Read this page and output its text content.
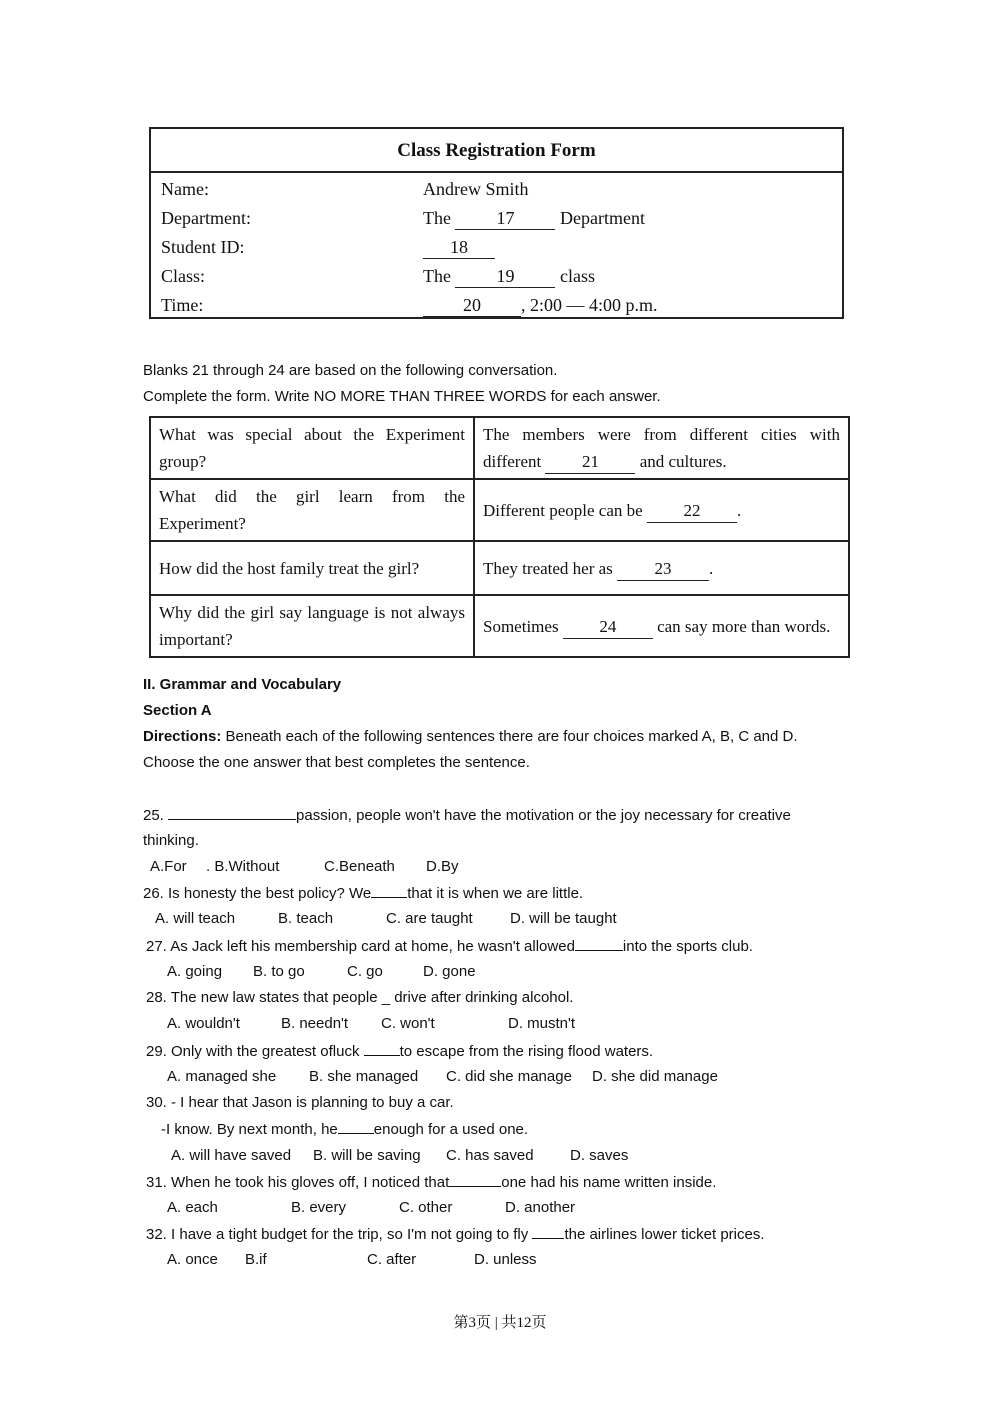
Class Registration Form
Name:	Andrew Smith
Department:	The	17	Department
Student ID:	18
Class:	The	19	class
Time:	20 , 2:00 — 4:00 p.m.
Blanks 21 through 24 are based on the following conversation.
Complete the form. Write NO MORE THAN THREE WORDS for each answer.
What was special about the Experiment group?	The members were from different cities with different 21 and cultures.
What did the girl learn from the Experiment?	Different people can be 22 .
How did the host family treat the girl?	They treated her as 23 .
Why did the girl say language is not always important?	Sometimes 24 can say more than words.
II. Grammar and Vocabulary
Section A
Directions: Beneath each of the following sentences there are four choices marked A, B, C and D.
Choose the one answer that best completes the sentence.
25.	passion, people won't have the motivation or the joy necessary for creative
thinking.
A.For . B.Without	C.Beneath D.By
26. Is honesty the best policy? We that it is when we are little.
A. will teach	B. teach	C. are taught D. will be taught
27. As Jack left his membership card at home, he wasn't allowed	into the sports club.
A. going B. to go	C. go	D. gone
28. The new law states that people _ drive after drinking alcohol.
A. wouldn't	B. needn't C. won't	D. mustn't
29. Only with the greatest ofluck to escape from the rising flood waters.
A. managed she B. she managed C. did she manage D. she did manage
30. - I hear that Jason is planning to buy a car.
-I know. By next month, he enough for a used one.
A. will have saved B. will be saving C. has saved D. saves
31. When he took his gloves off, I noticed that	one had his name written inside.
A. each	B. every	C. other	D. another
32. I have a tight budget for the trip, so I'm not going to fly the airlines lower ticket prices.
A. once B.if	C. after	D. unless
第3页 | 共12页
